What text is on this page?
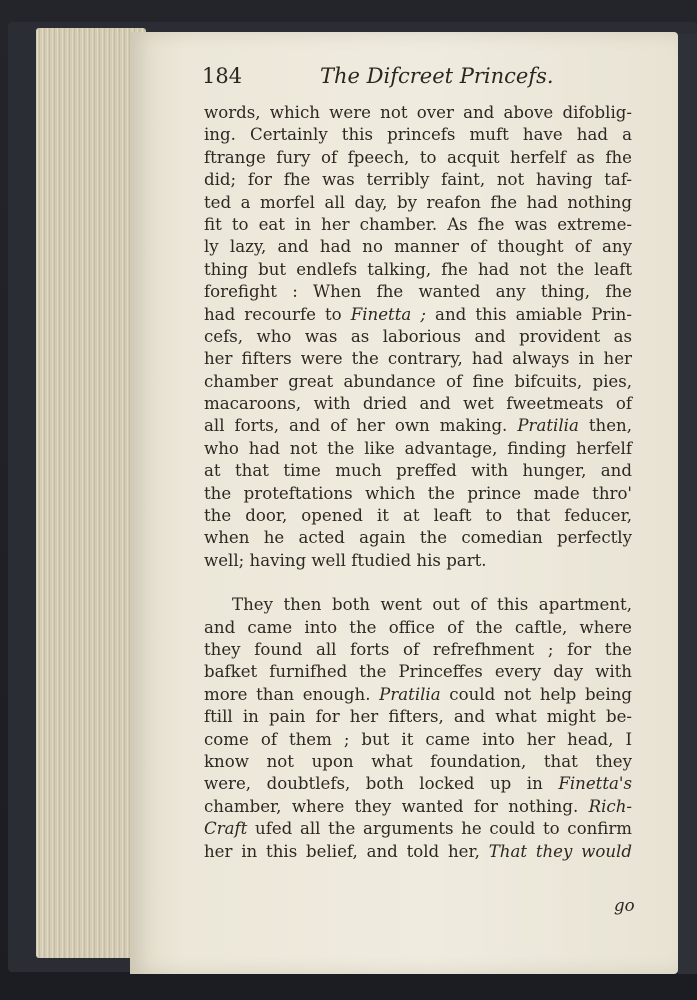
184	The Difcreet Princefs.
words, which were not over and above difoblig-
ing. Certainly this princefs muft have had a
ftrange fury of fpeech, to acquit herfelf as fhe
did; for fhe was terribly faint, not having taf-
ted a morfel all day, by reafon fhe had nothing
fit to eat in her chamber. As fhe was extreme-
ly lazy, and had no manner of thought of any
thing but endlefs talking, fhe had not the leaft
forefight : When fhe wanted any thing, fhe
had recourfe to Finetta ; and this amiable Prin-
cefs, who was as laborious and provident as
her fifters were the contrary, had always in her
chamber great abundance of fine bifcuits, pies,
macaroons, with dried and wet fweetmeats of
all forts, and of her own making. Pratilia then,
who had not the like advantage, finding herfelf
at that time much preffed with hunger, and
the proteftations which the prince made thro'
the door, opened it at leaft to that feducer,
when he acted again the comedian perfectly
well; having well ftudied his part.
They then both went out of this apartment,
and came into the office of the caftle, where
they found all forts of refrefhment ; for the
bafket furnifhed the Princeffes every day with
more than enough. Pratilia could not help being
ftill in pain for her fifters, and what might be-
come of them ; but it came into her head, I
know not upon what foundation, that they
were, doubtlefs, both locked up in Finetta's
chamber, where they wanted for nothing. Rich-
Craft ufed all the arguments he could to confirm
her in this belief, and told her, That they would
go
